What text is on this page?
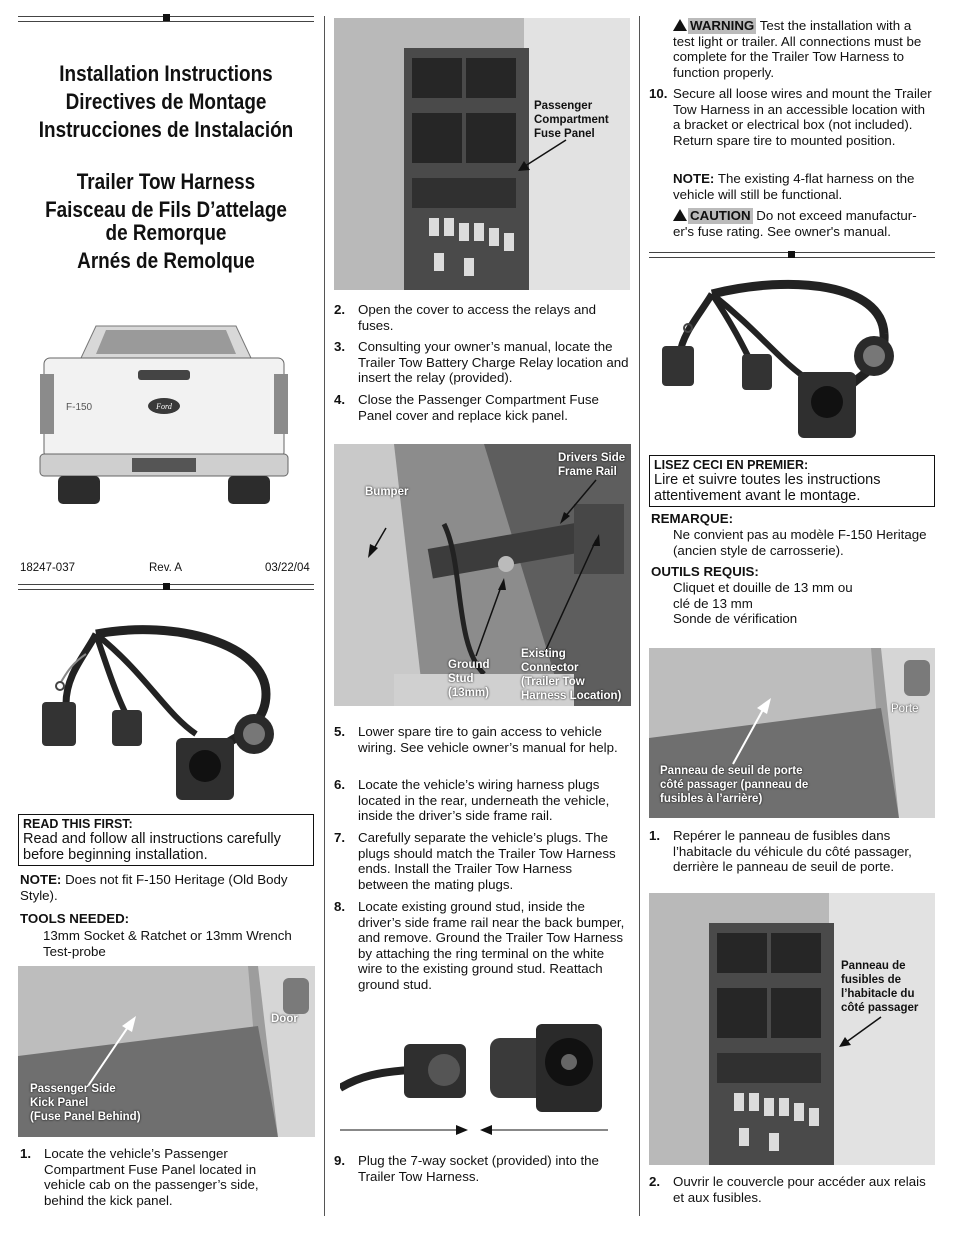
Installation Instructions
Directives de Montage
Instrucciones de Instalación
Trailer Tow Harness
Faisceau de Fils D’attelage
de Remorque
Arnés de Remolque
Ford
F-150
18247-037	Rev. A	03/22/04
READ THIS FIRST:
Read and follow all instructions carefully before beginning installation.
NOTE: Does not fit F-150 Heritage (Old Body Style).
TOOLS NEEDED:
13mm Socket & Ratchet or 13mm Wrench
Test-probe
Door
Passenger Side
Kick Panel
(Fuse Panel Behind)
1. Locate the vehicle’s Passenger Compartment Fuse Panel located in vehicle cab on the passenger’s side, behind the kick panel.
Passenger
Compartment
Fuse Panel
2. Open the cover to access the relays and fuses.
3. Consulting your owner’s manual, locate the Trailer Tow Battery Charge Relay location and insert the relay (provided).
4. Close the Passenger Compartment Fuse Panel cover and replace kick panel.
Drivers Side
Frame Rail
Bumper
Ground
Stud
(13mm)
Existing
Connector
(Trailer Tow
Harness Location)
5. Lower spare tire to gain access to vehicle wiring. See vehicle owner’s manual for help.
6. Locate the vehicle’s wiring harness plugs located in the rear, underneath the vehicle, inside the driver’s side frame rail.
7. Carefully separate the vehicle’s plugs. The plugs should match the Trailer Tow Harness ends. Install the Trailer Tow Harness between the mating plugs.
8. Locate existing ground stud, inside the driver’s side frame rail near the back bumper, and remove. Ground the Trailer Tow Harness by attaching the ring terminal on the white wire to the existing ground stud. Reattach ground stud.
9. Plug the 7-way socket (provided) into the Trailer Tow Harness.
WARNING Test the installation with a test light or trailer. All connections must be complete for the Trailer Tow Harness to function properly.
10. Secure all loose wires and mount the Trailer Tow Harness in an accessible location with a bracket or electrical box (not included). Return spare tire to mounted position.
NOTE: The existing 4-flat harness on the vehicle will still be functional.
CAUTION Do not exceed manufactur-er's fuse rating. See owner's manual.
LISEZ CECI EN PREMIER:
Lire et suivre toutes les instructions attentivement avant le montage.
REMARQUE:
Ne convient pas au modèle F-150 Heritage (ancien style de carrosserie).
OUTILS REQUIS:
Cliquet et douille de 13 mm ou
clé de 13 mm
Sonde de vérification
Porte
Panneau de seuil de porte
côté passager (panneau de
fusibles à l’arrière)
1. Repérer le panneau de fusibles dans l’habitacle du véhicule du côté passager, derrière le panneau de seuil de porte.
Panneau de
fusibles de
l’habitacle du
côté passager
2. Ouvrir le couvercle pour accéder aux relais et aux fusibles.
